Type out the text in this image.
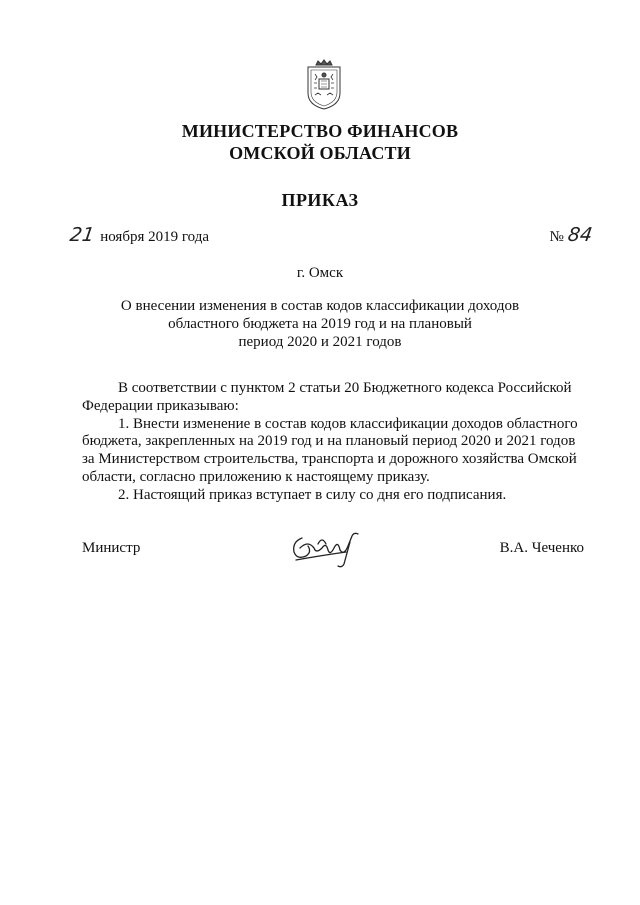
МИНИСТЕРСТВО ФИНАНСОВ
ОМСКОЙ ОБЛАСТИ
ПРИКАЗ
21 ноября 2019 года	№ 84
г. Омск
О внесении изменения в состав кодов классификации доходов
областного бюджета на 2019 год и на плановый
период 2020 и 2021 годов
В соответствии с пунктом 2 статьи 20 Бюджетного кодекса Российской
Федерации приказываю:
1. Внести изменение в состав кодов классификации доходов областного
бюджета, закрепленных на 2019 год и на плановый период 2020 и 2021 годов
за Министерством строительства, транспорта и дорожного хозяйства Омской
области, согласно приложению к настоящему приказу.
2. Настоящий приказ вступает в силу со дня его подписания.
Министр	В.А. Чеченко
